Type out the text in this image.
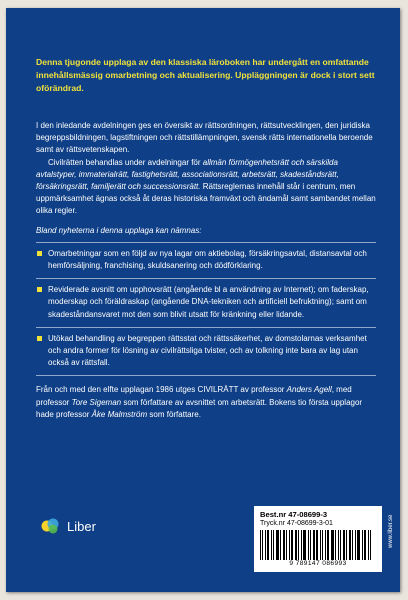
Denna tjugonde upplaga av den klassiska läroboken har undergått en omfattande innehållsmässig omarbetning och aktualisering. Uppläggningen är dock i stort sett oförändrad.

I den inledande avdelningen ges en översikt av rättsordningen, rättsutvecklingen, den juridiska begreppsbildningen, lagstiftningen och rättstillämpningen, svensk rätts internationella beroende samt av rättsvetenskapen.

Civilrätten behandlas under avdelningar för allmän förmögenhetsrätt och särskilda avtalstyper, immaterialrätt, fastighetsrätt, associationsrätt, arbetsrätt, skadeståndsrätt, försäkringsrätt, familjerätt och successionsrätt. Rättsreglernas innehåll står i centrum, men uppmärksamhet ägnas också åt deras historiska framväxt och ändamål samt sambandet mellan olika regler.

Bland nyheterna i denna upplaga kan nämnas:

Omarbetningar som en följd av nya lagar om aktiebolag, försäkringsavtal, distansavtal och hemförsäljning, franchising, skuldsanering och dödförklaring.
Reviderade avsnitt om upphovsrätt (angående bl a användning av Internet); om faderskap, moderskap och föräldraskap (angående DNA-tekniken och artificiell befruktning); samt om skadeståndansvaret mot den som blivit utsatt för kränkning eller lidande.
Utökad behandling av begreppen rättsstat och rättssäkerhet, av domstolarnas verksamhet och andra former för lösning av civilrättsliga tvister, och av tolkning inte bara av lag utan också av rättsfall.

Från och med den elfte upplagan 1986 utges CIVILRÄTT av professor Anders Agell, med professor Tore Sigeman som författare av avsnittet om arbetsrätt. Bokens tio första upplagor hade professor Åke Malmström som författare.

Liber
Best.nr 47-08699-3
Tryck.nr 47-08699-3-01
9 789147 086993
www.liber.se
